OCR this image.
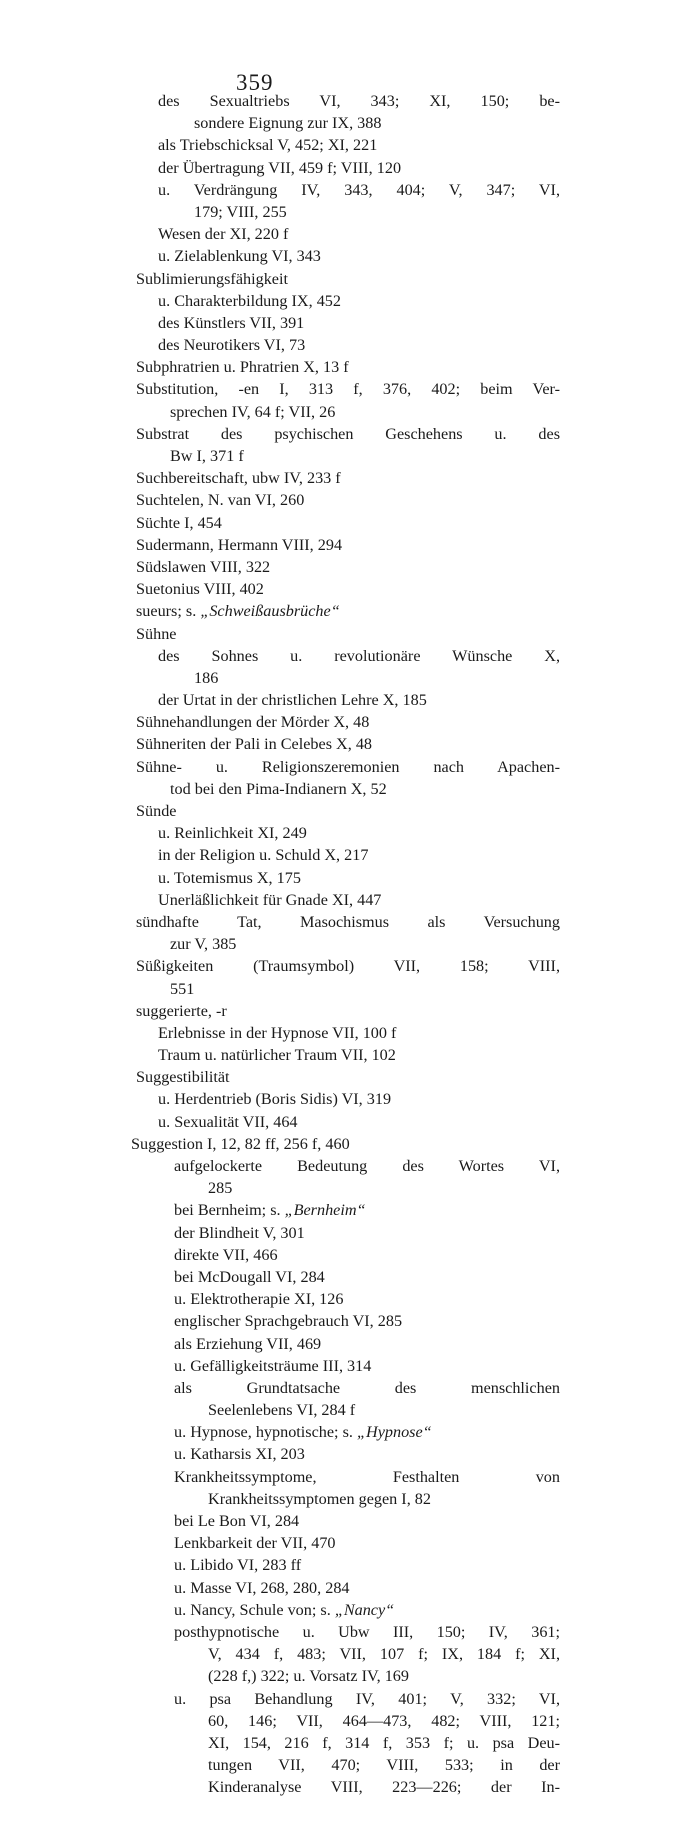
359
des Sexualtriebs VI, 343; XI, 150; be-
sondere Eignung zur IX, 388
als Triebschicksal V, 452; XI, 221
der Übertragung VII, 459 f; VIII, 120
u. Verdrängung IV, 343, 404; V, 347; VI,
179; VIII, 255
Wesen der XI, 220 f
u. Zielablenkung VI, 343
Sublimierungsfähigkeit
u. Charakterbildung IX, 452
des Künstlers VII, 391
des Neurotikers VI, 73
Subphratrien u. Phratrien X, 13 f
Substitution, -en I, 313 f, 376, 402; beim Ver-
sprechen IV, 64 f; VII, 26
Substrat des psychischen Geschehens u. des
Bw I, 371 f
Suchbereitschaft, ubw IV, 233 f
Suchtelen, N. van VI, 260
Süchte I, 454
Sudermann, Hermann VIII, 294
Südslawen VIII, 322
Suetonius VIII, 402
sueurs; s. „Schweißausbrüche“
Sühne
des Sohnes u. revolutionäre Wünsche X,
186
der Urtat in der christlichen Lehre X, 185
Sühnehandlungen der Mörder X, 48
Sühneriten der Pali in Celebes X, 48
Sühne- u. Religionszeremonien nach Apachen-
tod bei den Pima-Indianern X, 52
Sünde
u. Reinlichkeit XI, 249
in der Religion u. Schuld X, 217
u. Totemismus X, 175
Unerläßlichkeit für Gnade XI, 447
sündhafte Tat, Masochismus als Versuchung
zur V, 385
Süßigkeiten (Traumsymbol) VII, 158; VIII,
551
suggerierte, -r
Erlebnisse in der Hypnose VII, 100 f
Traum u. natürlicher Traum VII, 102
Suggestibilität
u. Herdentrieb (Boris Sidis) VI, 319
u. Sexualität VII, 464
Suggestion I, 12, 82 ff, 256 f, 460
aufgelockerte Bedeutung des Wortes VI,
285
bei Bernheim; s. „Bernheim“
der Blindheit V, 301
direkte VII, 466
bei McDougall VI, 284
u. Elektrotherapie XI, 126
englischer Sprachgebrauch VI, 285
als Erziehung VII, 469
u. Gefälligkeitsträume III, 314
als Grundtatsache des menschlichen
Seelenlebens VI, 284 f
u. Hypnose, hypnotische; s. „Hypnose“
u. Katharsis XI, 203
Krankheitssymptome, Festhalten von
Krankheitssymptomen gegen I, 82
bei Le Bon VI, 284
Lenkbarkeit der VII, 470
u. Libido VI, 283 ff
u. Masse VI, 268, 280, 284
u. Nancy, Schule von; s. „Nancy“
posthypnotische u. Ubw III, 150; IV, 361;
V, 434 f, 483; VII, 107 f; IX, 184 f; XI,
(228 f,) 322; u. Vorsatz IV, 169
u. psa Behandlung IV, 401; V, 332; VI,
60, 146; VII, 464—473, 482; VIII, 121;
XI, 154, 216 f, 314 f, 353 f; u. psa Deu-
tungen VII, 470; VIII, 533; in der
Kinderanalyse VIII, 223—226; der In-
